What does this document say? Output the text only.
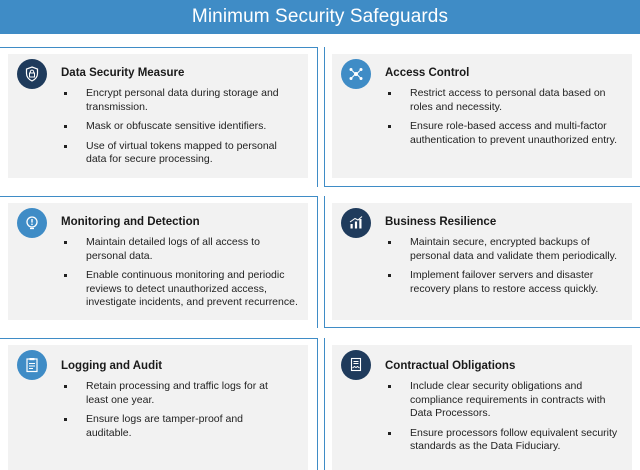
Minimum Security Safeguards
Data Security Measure
Encrypt personal data during storage and transmission.
Mask or obfuscate sensitive identifiers.
Use of virtual tokens mapped to personal data for secure processing.
Access Control
Restrict access to personal data based on roles and necessity.
Ensure role-based access and multi-factor authentication to prevent unauthorized entry.
Monitoring and Detection
Maintain detailed logs of all access to personal data.
Enable continuous monitoring and periodic reviews to detect unauthorized access, investigate incidents, and prevent recurrence.
Business Resilience
Maintain secure, encrypted backups of personal data and validate them periodically.
Implement failover servers and disaster recovery plans to restore access quickly.
Logging and Audit
Retain processing and traffic logs for at least one year.
Ensure logs are tamper-proof and auditable.
Contractual Obligations
Include clear security obligations and compliance requirements in contracts with Data Processors.
Ensure processors follow equivalent security standards as the Data Fiduciary.
